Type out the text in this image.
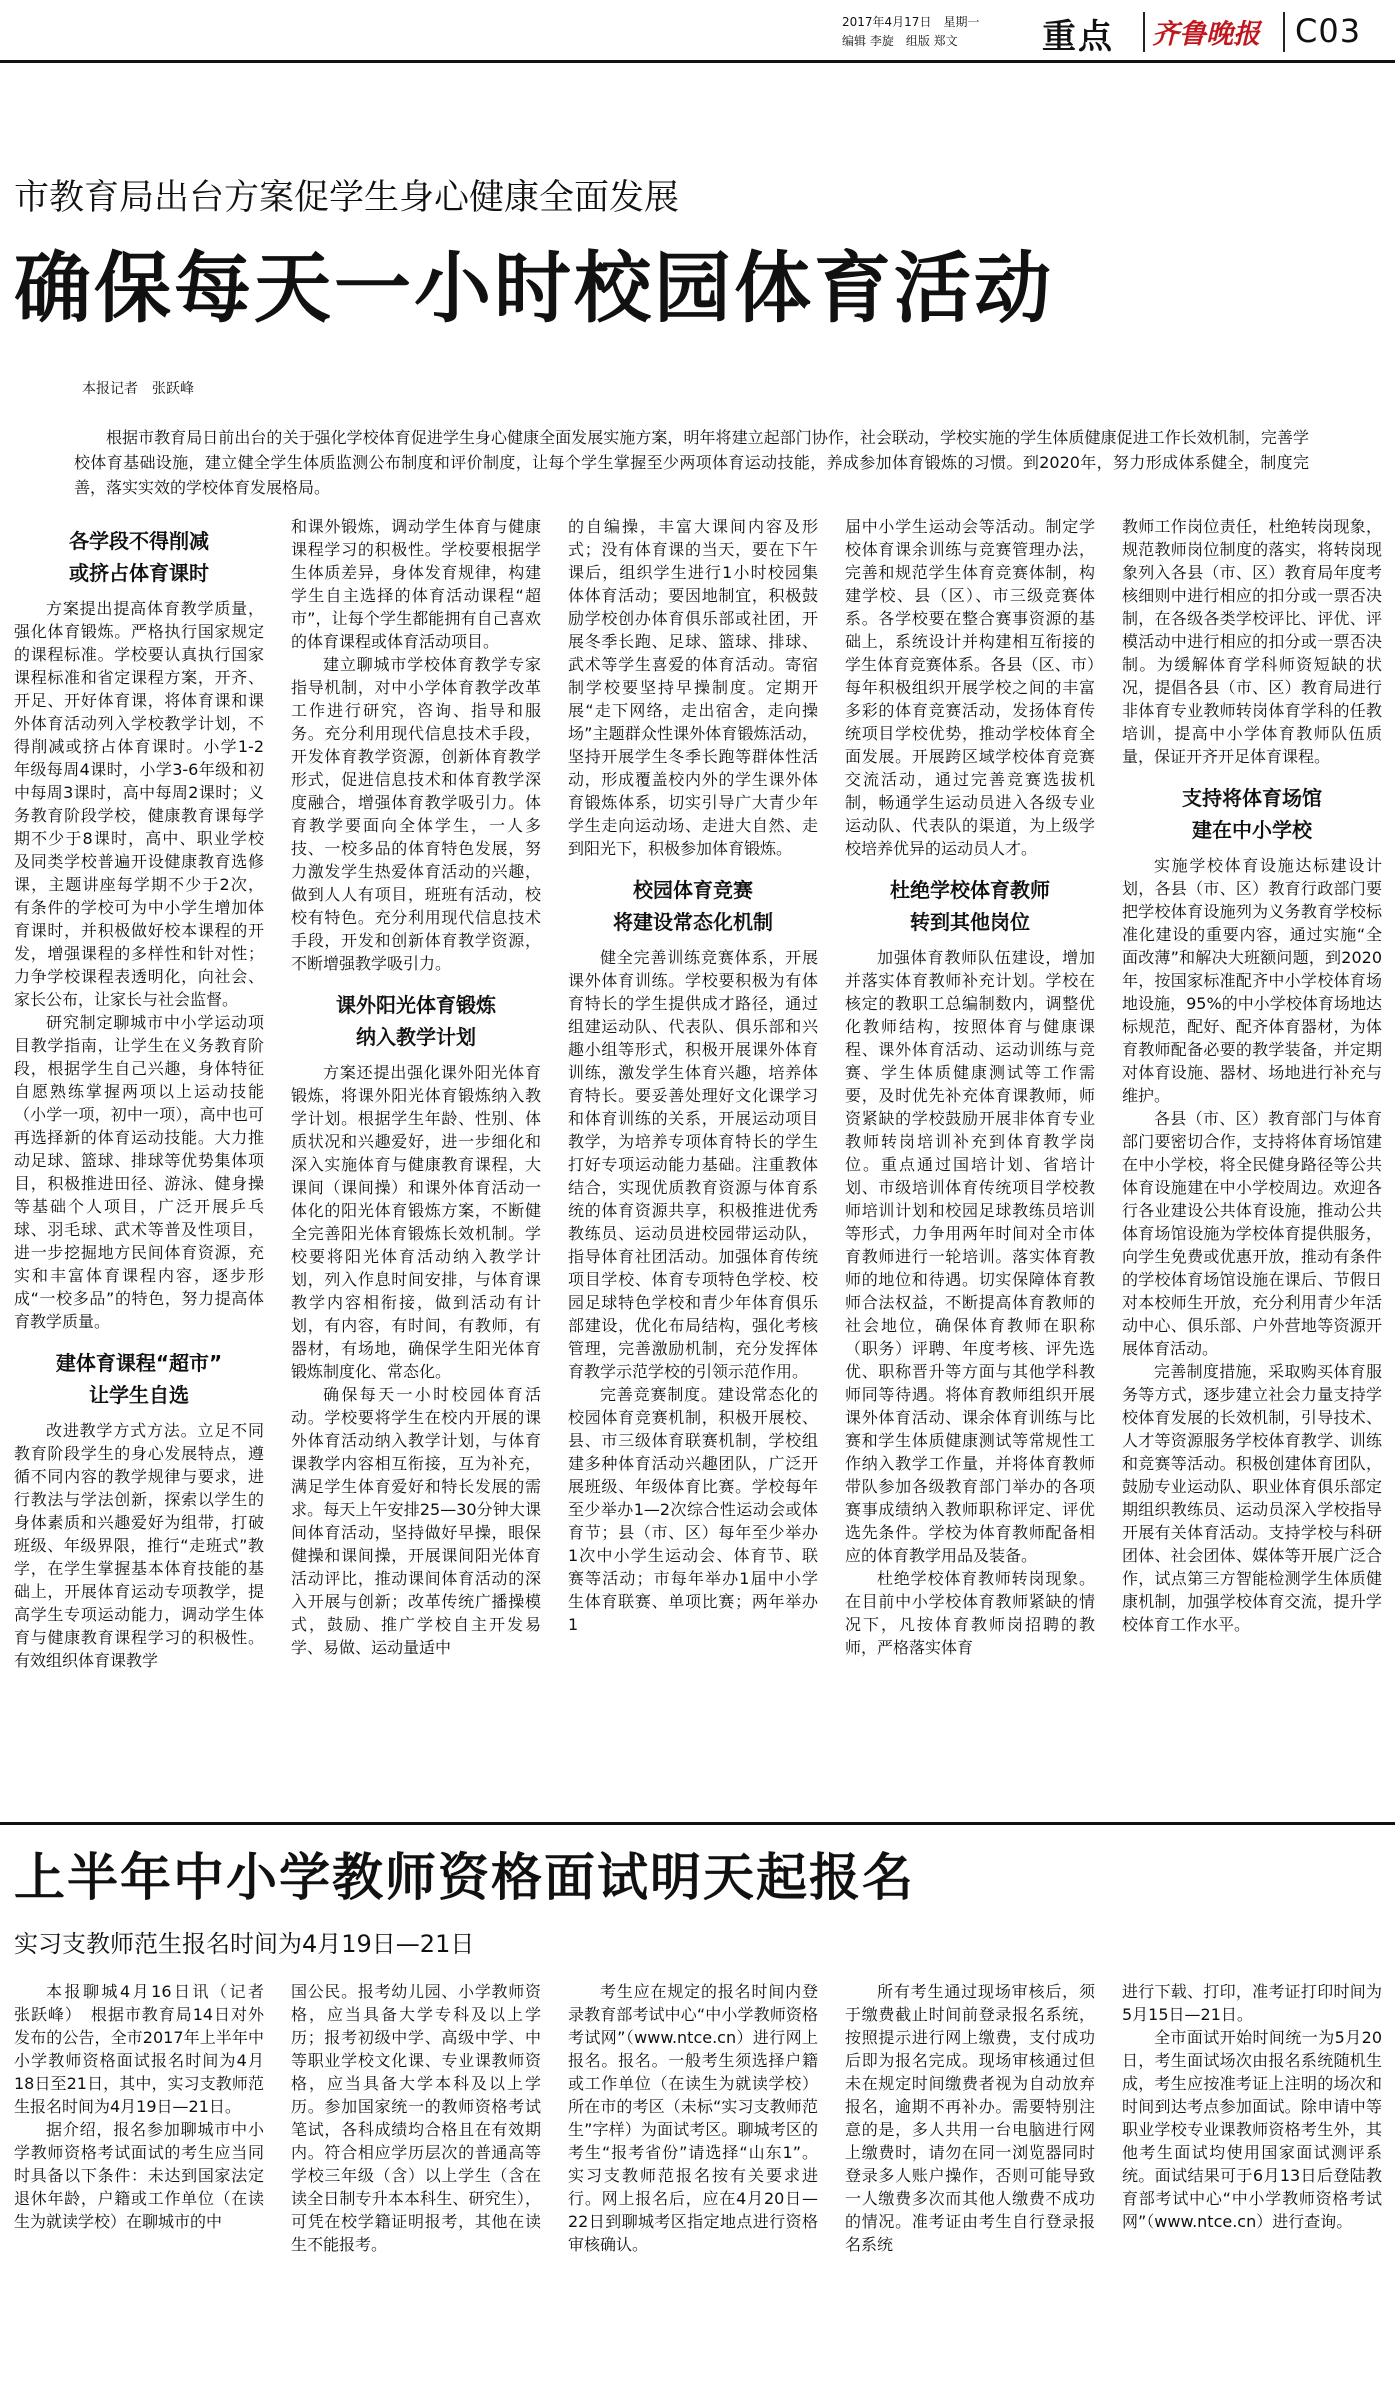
2017年4月17日　星期一
编辑 李旋　组版 郑文 重点 齐鲁晚报 C03
市教育局出台方案促学生身心健康全面发展
确保每天一小时校园体育活动
本报记者　张跃峰
根据市教育局日前出台的关于强化学校体育促进学生身心健康全面发展实施方案，明年将建立起部门协作，社会联动，学校实施的学生体质健康促进工作长效机制，完善学校体育基础设施，建立健全学生体质监测公布制度和评价制度，让每个学生掌握至少两项体育运动技能，养成参加体育锻炼的习惯。到2020年，努力形成体系健全，制度完善，落实实效的学校体育发展格局。
各学段不得削减
或挤占体育课时

方案提出提高体育教学质量，强化体育锻炼。严格执行国家规定的课程标准。学校要认真执行国家课程标准和省定课程方案，开齐、开足、开好体育课，将体育课和课外体育活动列入学校教学计划，不得削减或挤占体育课时。小学1-2年级每周4课时，小学3-6年级和初中每周3课时，高中每周2课时；义务教育阶段学校，健康教育课每学期不少于8课时，高中、职业学校及同类学校普遍开设健康教育选修课，主题讲座每学期不少于2次，有条件的学校可为中小学生增加体育课时，并积极做好校本课程的开发，增强课程的多样性和针对性；力争学校课程表透明化，向社会、家长公布，让家长与社会监督。

研究制定聊城市中小学运动项目教学指南，让学生在义务教育阶段，根据学生自己兴趣，身体特征自愿熟练掌握两项以上运动技能（小学一项，初中一项），高中也可再选择新的体育运动技能。大力推动足球、篮球、排球等优势集体项目，积极推进田径、游泳、健身操等基础个人项目，广泛开展乒乓球、羽毛球、武术等普及性项目，进一步挖掘地方民间体育资源，充实和丰富体育课程内容，逐步形成“一校多品”的特色，努力提高体育教学质量。

建体育课程“超市”
让学生自选

改进教学方式方法。立足不同教育阶段学生的身心发展特点，遵循不同内容的教学规律与要求，进行教法与学法创新，探索以学生的身体素质和兴趣爱好为组带，打破班级、年级界限，推行“走班式”教学，在学生掌握基本体育技能的基础上，开展体育运动专项教学，提高学生专项运动能力，调动学生体育与健康教育课程学习的积极性。有效组织体育课教学

和课外锻炼，调动学生体育与健康课程学习的积极性。学校要根据学生体质差异，身体发育规律，构建学生自主选择的体育活动课程“超市”，让每个学生都能拥有自己喜欢的体育课程或体育活动项目。

建立聊城市学校体育教学专家指导机制，对中小学体育教学改革工作进行研究，咨询、指导和服务。充分利用现代信息技术手段，开发体育教学资源，创新体育教学形式，促进信息技术和体育教学深度融合，增强体育教学吸引力。体育教学要面向全体学生，一人多技、一校多品的体育特色发展，努力激发学生热爱体育活动的兴趣，做到人人有项目，班班有活动，校校有特色。充分利用现代信息技术手段，开发和创新体育教学资源，不断增强教学吸引力。

课外阳光体育锻炼
纳入教学计划

方案还提出强化课外阳光体育锻炼，将课外阳光体育锻炼纳入教学计划。根据学生年龄、性别、体质状况和兴趣爱好，进一步细化和深入实施体育与健康教育课程，大课间（课间操）和课外体育活动一体化的阳光体育锻炼方案，不断健全完善阳光体育锻炼长效机制。学校要将阳光体育活动纳入教学计划，列入作息时间安排，与体育课教学内容相衔接，做到活动有计划，有内容，有时间，有教师，有器材，有场地，确保学生阳光体育锻炼制度化、常态化。

确保每天一小时校园体育活动。学校要将学生在校内开展的课外体育活动纳入教学计划，与体育课教学内容相互衔接，互为补充，满足学生体育爱好和特长发展的需求。每天上午安排25—30分钟大课间体育活动，坚持做好早操，眼保健操和课间操，开展课间阳光体育活动评比，推动课间体育活动的深入开展与创新；改革传统广播操模式，鼓励、推广学校自主开发易学、易做、运动量适中

的自编操，丰富大课间内容及形式；没有体育课的当天，要在下午课后，组织学生进行1小时校园集体体育活动；要因地制宜，积极鼓励学校创办体育俱乐部或社团，开展冬季长跑、足球、篮球、排球、武术等学生喜爱的体育活动。寄宿制学校要坚持早操制度。定期开展“走下网络，走出宿舍，走向操场”主题群众性课外体育锻炼活动，坚持开展学生冬季长跑等群体性活动，形成覆盖校内外的学生课外体育锻炼体系，切实引导广大青少年学生走向运动场、走进大自然、走到阳光下，积极参加体育锻炼。

校园体育竞赛
将建设常态化机制

健全完善训练竞赛体系，开展课外体育训练。学校要积极为有体育特长的学生提供成才路径，通过组建运动队、代表队、俱乐部和兴趣小组等形式，积极开展课外体育训练，激发学生体育兴趣，培养体育特长。要妥善处理好文化课学习和体育训练的关系，开展运动项目教学，为培养专项体育特长的学生打好专项运动能力基础。注重教体结合，实现优质教育资源与体育系统的体育资源共享，积极推进优秀教练员、运动员进校园带运动队，指导体育社团活动。加强体育传统项目学校、体育专项特色学校、校园足球特色学校和青少年体育俱乐部建设，优化布局结构，强化考核管理，完善激励机制，充分发挥体育教学示范学校的引领示范作用。

完善竞赛制度。建设常态化的校园体育竞赛机制，积极开展校、县、市三级体育联赛机制，学校组建多种体育活动兴趣团队，广泛开展班级、年级体育比赛。学校每年至少举办1—2次综合性运动会或体育节；县（市、区）每年至少举办1次中小学生运动会、体育节、联赛等活动；市每年举办1届中小学生体育联赛、单项比赛；两年举办1

届中小学生运动会等活动。制定学校体育课余训练与竞赛管理办法，完善和规范学生体育竞赛体制，构建学校、县（区）、市三级竞赛体系。各学校要在整合赛事资源的基础上，系统设计并构建相互衔接的学生体育竞赛体系。各县（区、市）每年积极组织开展学校之间的丰富多彩的体育竞赛活动，发扬体育传统项目学校优势，推动学校体育全面发展。开展跨区域学校体育竞赛交流活动，通过完善竞赛选拔机制，畅通学生运动员进入各级专业运动队、代表队的渠道，为上级学校培养优异的运动员人才。

杜绝学校体育教师
转到其他岗位

加强体育教师队伍建设，增加并落实体育教师补充计划。学校在核定的教职工总编制数内，调整优化教师结构，按照体育与健康课程、课外体育活动、运动训练与竞赛、学生体质健康测试等工作需要，及时优先补充体育课教师，师资紧缺的学校鼓励开展非体育专业教师转岗培训补充到体育教学岗位。重点通过国培计划、省培计划、市级培训体育传统项目学校教师培训计划和校园足球教练员培训等形式，力争用两年时间对全市体育教师进行一轮培训。落实体育教师的地位和待遇。切实保障体育教师合法权益，不断提高体育教师的社会地位，确保体育教师在职称（职务）评聘、年度考核、评先选优、职称晋升等方面与其他学科教师同等待遇。将体育教师组织开展课外体育活动、课余体育训练与比赛和学生体质健康测试等常规性工作纳入教学工作量，并将体育教师带队参加各级教育部门举办的各项赛事成绩纳入教师职称评定、评优选先条件。学校为体育教师配备相应的体育教学用品及装备。

杜绝学校体育教师转岗现象。在目前中小学校体育教师紧缺的情况下，凡按体育教师岗招聘的教师，严格落实体育

教师工作岗位责任，杜绝转岗现象，规范教师岗位制度的落实，将转岗现象列入各县（市、区）教育局年度考核细则中进行相应的扣分或一票否决制，在各级各类学校评比、评优、评模活动中进行相应的扣分或一票否决制。为缓解体育学科师资短缺的状况，提倡各县（市、区）教育局进行非体育专业教师转岗体育学科的任教培训，提高中小学体育教师队伍质量，保证开齐开足体育课程。

支持将体育场馆
建在中小学校

实施学校体育设施达标建设计划，各县（市、区）教育行政部门要把学校体育设施列为义务教育学校标准化建设的重要内容，通过实施“全面改薄”和解决大班额问题，到2020年，按国家标准配齐中小学校体育场地设施，95%的中小学校体育场地达标规范，配好、配齐体育器材，为体育教师配备必要的教学装备，并定期对体育设施、器材、场地进行补充与维护。

各县（市、区）教育部门与体育部门要密切合作，支持将体育场馆建在中小学校，将全民健身路径等公共体育设施建在中小学校周边。欢迎各行各业建设公共体育设施，推动公共体育场馆设施为学校体育提供服务，向学生免费或优惠开放，推动有条件的学校体育场馆设施在课后、节假日对本校师生开放，充分利用青少年活动中心、俱乐部、户外营地等资源开展体育活动。

完善制度措施，采取购买体育服务等方式，逐步建立社会力量支持学校体育发展的长效机制，引导技术、人才等资源服务学校体育教学、训练和竞赛等活动。积极创建体育团队，鼓励专业运动队、职业体育俱乐部定期组织教练员、运动员深入学校指导开展有关体育活动。支持学校与科研团体、社会团体、媒体等开展广泛合作，试点第三方智能检测学生体质健康机制，加强学校体育交流，提升学校体育工作水平。

上半年中小学教师资格面试明天起报名
实习支教师范生报名时间为4月19日—21日

本报聊城4月16日讯（记者　张跃峰）　根据市教育局14日对外发布的公告，全市2017年上半年中小学教师资格面试报名时间为4月18日至21日，其中，实习支教师范生报名时间为4月19日—21日。

据介绍，报名参加聊城市中小学教师资格考试面试的考生应当同时具备以下条件：未达到国家法定退休年龄，户籍或工作单位（在读生为就读学校）在聊城市的中

国公民。报考幼儿园、小学教师资格，应当具备大学专科及以上学历；报考初级中学、高级中学、中等职业学校文化课、专业课教师资格，应当具备大学本科及以上学历。参加国家统一的教师资格考试笔试，各科成绩均合格且在有效期内。符合相应学历层次的普通高等学校三年级（含）以上学生（含在读全日制专升本本科生、研究生），可凭在校学籍证明报考，其他在读生不能报考。

考生应在规定的报名时间内登录教育部考试中心“中小学教师资格考试网”（www.ntce.cn）进行网上报名。报名。一般考生须选择户籍或工作单位（在读生为就读学校）所在市的考区（未标“实习支教师范生”字样）为面试考区。聊城考区的考生“报考省份”请选择“山东1”。实习支教师范报名按有关要求进行。网上报名后，应在4月20日—22日到聊城考区指定地点进行资格审核确认。

所有考生通过现场审核后，须于缴费截止时间前登录报名系统，按照提示进行网上缴费，支付成功后即为报名完成。现场审核通过但未在规定时间缴费者视为自动放弃报名，逾期不再补办。需要特别注意的是，多人共用一台电脑进行网上缴费时，请勿在同一浏览器同时登录多人账户操作，否则可能导致一人缴费多次而其他人缴费不成功的情况。准考证由考生自行登录报名系统

进行下载、打印，准考证打印时间为5月15日—21日。

全市面试开始时间统一为5月20日，考生面试场次由报名系统随机生成，考生应按准考证上注明的场次和时间到达考点参加面试。除申请中等职业学校专业课教师资格考生外，其他考生面试均使用国家面试测评系统。面试结果可于6月13日后登陆教育部考试中心“中小学教师资格考试网”（www.ntce.cn）进行查询。
